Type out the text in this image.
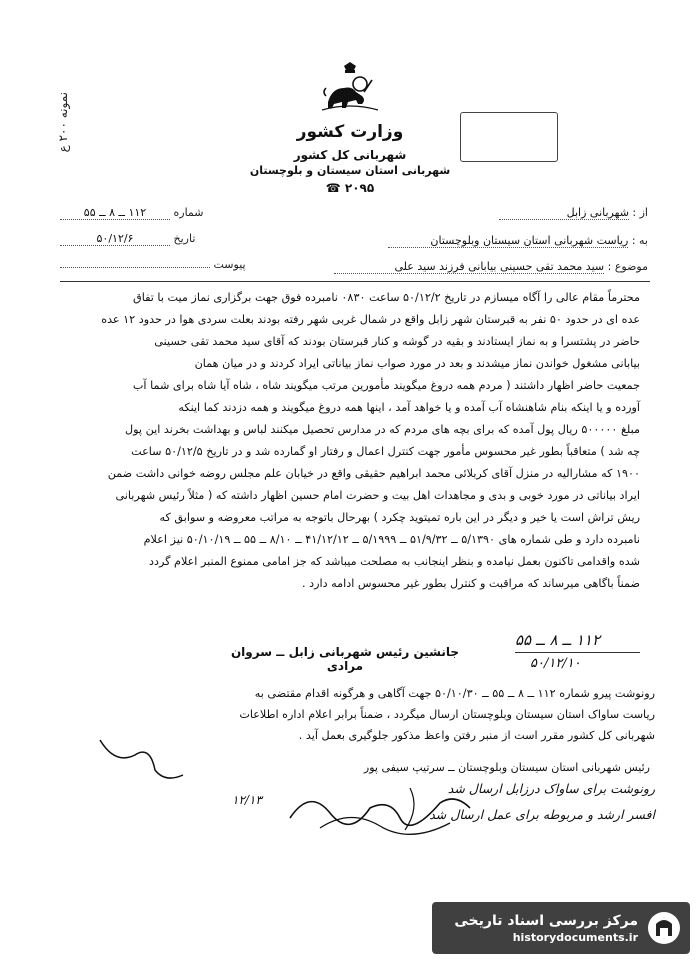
نمونه ۲۰۰ ع
وزارت کشور
شهربانی کل کشور
شهربانی استان سیستان و بلوچستان
۲۰۹۵ ☎
شماره ۱۱۲ ــ ۸ ــ ۵۵
تاریخ ۵۰/۱۲/۶
پیوست
از : شهربانی زابل
به : ریاست شهربانی استان سیستان وبلوچستان
موضوع : سید محمد تقی حسینی بیابانی فرزند سید علی

محترماً مقام عالی را آگاه میسازم در تاریخ ۵۰/۱۲/۲ ساعت ۰۸۳۰ نامبرده فوق جهت برگزاری نماز میت با تفاق

عده ای در حدود ۵۰ نفر به قبرستان شهر زابل واقع در شمال غربی شهر رفته بودند بعلت سردی هوا در حدود ۱۲ عده

حاضر در پشتسرا و به نماز ایستادند و بقیه در گوشه و کنار قبرستان بودند که آقای سید محمد تقی حسینی

بیابانی مشغول خواندن نماز میشدند و بعد در مورد صواب نماز بیاناتی ایراد کردند و در میان همان

جمعیت حاضر اظهار داشتند ( مردم همه دروغ میگویند مأمورین مرتب میگویند شاه ، شاه آیا شاه برای شما آب

آورده و یا اینکه بنام شاهنشاه آب آمده و یا خواهد آمد ، اینها همه دروغ میگویند و همه دزدند کما اینکه

مبلغ ۵۰۰۰۰۰ ریال پول آمده که برای بچه های مردم که در مدارس تحصیل میکنند لباس و بهداشت بخرند این پول

چه شد ) متعاقباً بطور غیر محسوس مأمور جهت کنترل اعمال و رفتار او گمارده شد و در تاریخ ۵۰/۱۲/۵ ساعت

۱۹۰۰ که مشارالیه در منزل آقای کربلائی محمد ابراهیم حقیقی واقع در خیابان علم مجلس روضه خوانی داشت ضمن

ایراد بیاناتی در مورد خوبی و بدی و مجاهدات اهل بیت و حضرت امام حسین اظهار داشته که ( مثلاً رئیس شهربانی

ریش تراش است یا خیر و دیگر در این باره تمیتوید چکرد ) بهرحال باتوجه به مراتب معروضه و سوابق که

نامبرده دارد و طی شماره های ۵/۱۳۹۰ ــ ۵۱/۹/۳۲ ــ ۵/۱۹۹۹ ــ ۴۱/۱۲/۱۲ ــ ۸/۱۰ ــ ۵۵ ــ ۵۰/۱۰/۱۹ نیز اعلام

شده واقدامی تاکنون بعمل نیامده و بنظر اینجانب به مصلحت میباشد که جز امامی ممنوع المنبر اعلام گردد

ضمناً باگاهی میرساند که مراقبت و کنترل بطور غیر محسوس ادامه دارد .

جانشین رئیس شهربانی زابل ــ سروان مرادی
۱۱۲ ــ ۸ ــ ۵۵
۵۰/۱۲/۱۰
رونوشت پیرو شماره ۱۱۲ ــ ۸ ــ ۵۵ ــ ۵۰/۱۰/۳۰ جهت آگاهی و هرگونه اقدام مقتضی به
ریاست ساواک استان سیستان وبلوچستان ارسال میگردد ، ضمناً برابر اعلام اداره اطلاعات
شهربانی کل کشور مقرر است از منبر رفتن واعظ مذکور جلوگیری بعمل آید .
رئیس شهربانی استان سیستان وبلوچستان ــ سرتیپ سیفی پور
رونوشت برای ساواک درزابل ارسال شد
افسر ارشد و مربوطه برای عمل ارسال شد
۱۲/۱۳
مرکز بررسی اسناد تاریخی
historydocuments.ir
